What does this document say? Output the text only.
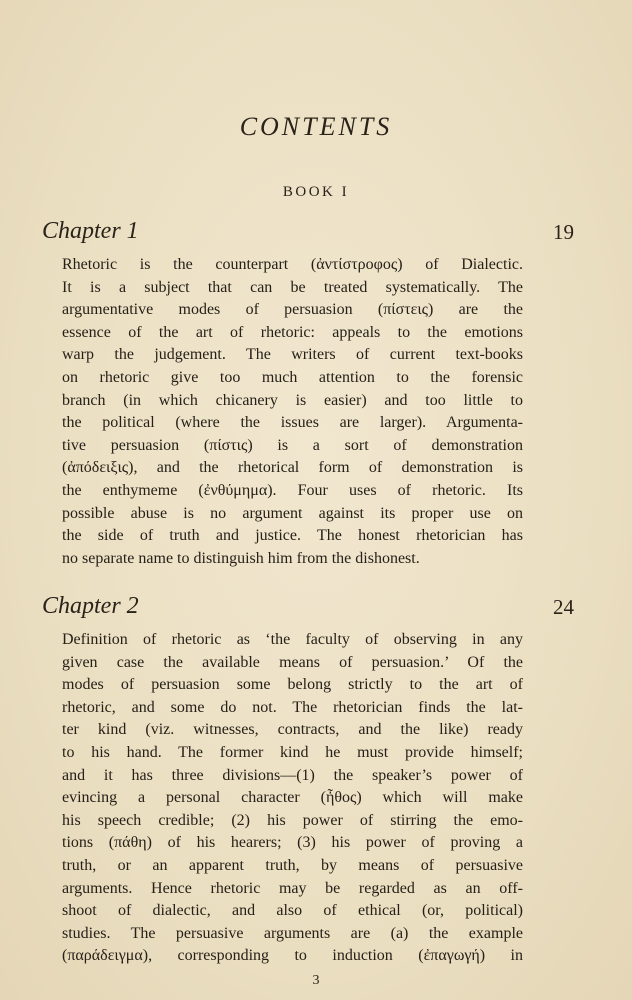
CONTENTS
BOOK I
Chapter 1	19
Rhetoric is the counterpart (ἀντίστροφος) of Dialectic.
It is a subject that can be treated systematically. The
argumentative modes of persuasion (πίστεις) are the
essence of the art of rhetoric: appeals to the emotions
warp the judgement. The writers of current text-books
on rhetoric give too much attention to the forensic
branch (in which chicanery is easier) and too little to
the political (where the issues are larger). Argumenta-
tive persuasion (πίστις) is a sort of demonstration
(ἀπόδειξις), and the rhetorical form of demonstration is
the enthymeme (ἐνθύμημα). Four uses of rhetoric. Its
possible abuse is no argument against its proper use on
the side of truth and justice. The honest rhetorician has
no separate name to distinguish him from the dishonest.
Chapter 2	24
Definition of rhetoric as ‘the faculty of observing in any
given case the available means of persuasion.’ Of the
modes of persuasion some belong strictly to the art of
rhetoric, and some do not. The rhetorician finds the lat-
ter kind (viz. witnesses, contracts, and the like) ready
to his hand. The former kind he must provide himself;
and it has three divisions—(1) the speaker’s power of
evincing a personal character (ἦθος) which will make
his speech credible; (2) his power of stirring the emo-
tions (πάθη) of his hearers; (3) his power of proving a
truth, or an apparent truth, by means of persuasive
arguments. Hence rhetoric may be regarded as an off-
shoot of dialectic, and also of ethical (or, political)
studies. The persuasive arguments are (a) the example
(παράδειγμα), corresponding to induction (ἐπαγωγή) in
3
